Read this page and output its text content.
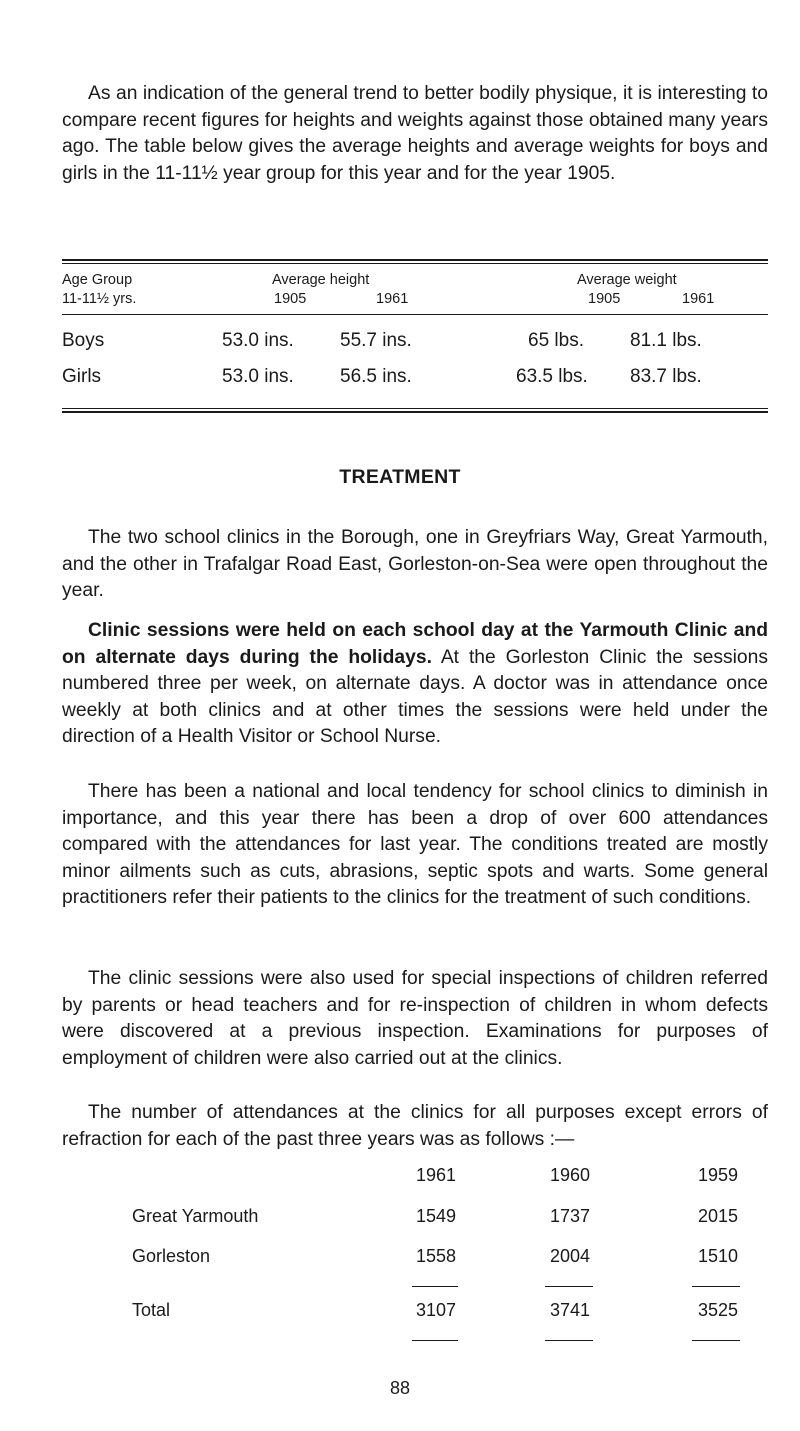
As an indication of the general trend to better bodily physique, it is interesting to compare recent figures for heights and weights against those obtained many years ago. The table below gives the average heights and average weights for boys and girls in the 11-11½ year group for this year and for the year 1905.

Age Group
11-11½ yrs.
Average height
1905	1961
Average weight
1905	1961
Boys	53.0 ins. 55.7 ins.	65 lbs. 81.1 lbs.
Girls	53.0 ins. 56.5 ins.	63.5 lbs. 83.7 lbs.
TREATMENT

The two school clinics in the Borough, one in Greyfriars Way, Great Yarmouth, and the other in Trafalgar Road East, Gorleston-on-Sea were open throughout the year.

Clinic sessions were held on each school day at the Yarmouth Clinic and on alternate days during the holidays. At the Gorleston Clinic the sessions numbered three per week, on alternate days. A doctor was in attendance once weekly at both clinics and at other times the sessions were held under the direction of a Health Visitor or School Nurse.

There has been a national and local tendency for school clinics to diminish in importance, and this year there has been a drop of over 600 attendances compared with the attendances for last year. The conditions treated are mostly minor ailments such as cuts, abrasions, septic spots and warts. Some general practitioners refer their patients to the clinics for the treatment of such conditions.

The clinic sessions were also used for special inspections of children referred by parents or head teachers and for re-inspection of children in whom defects were discovered at a previous inspection. Examinations for purposes of employment of children were also carried out at the clinics.

The number of attendances at the clinics for all purposes except errors of refraction for each of the past three years was as follows :—

1961	1960	1959
Great Yarmouth	1549	1737	2015
Gorleston	1558	2004	1510
Total	3107	3741	3525
88
